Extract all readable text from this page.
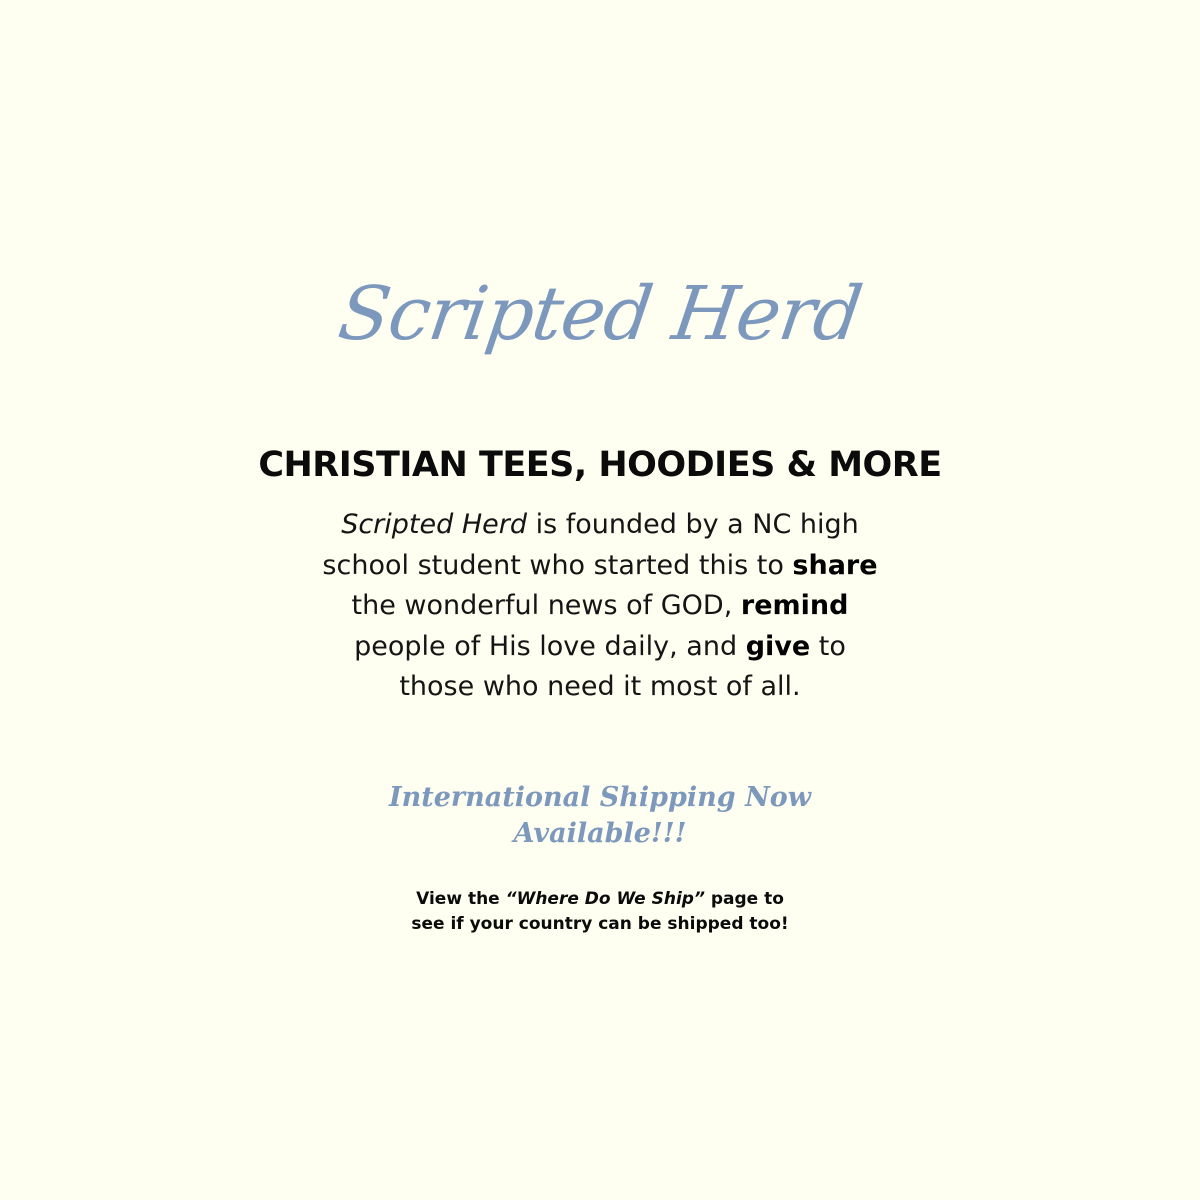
Scripted Herd
CHRISTIAN TEES, HOODIES & MORE
Scripted Herd is founded by a NC high school student who started this to share the wonderful news of GOD, remind people of His love daily, and give to those who need it most of all.
International Shipping Now Available!!!
View the “Where Do We Ship” page to see if your country can be shipped too!
